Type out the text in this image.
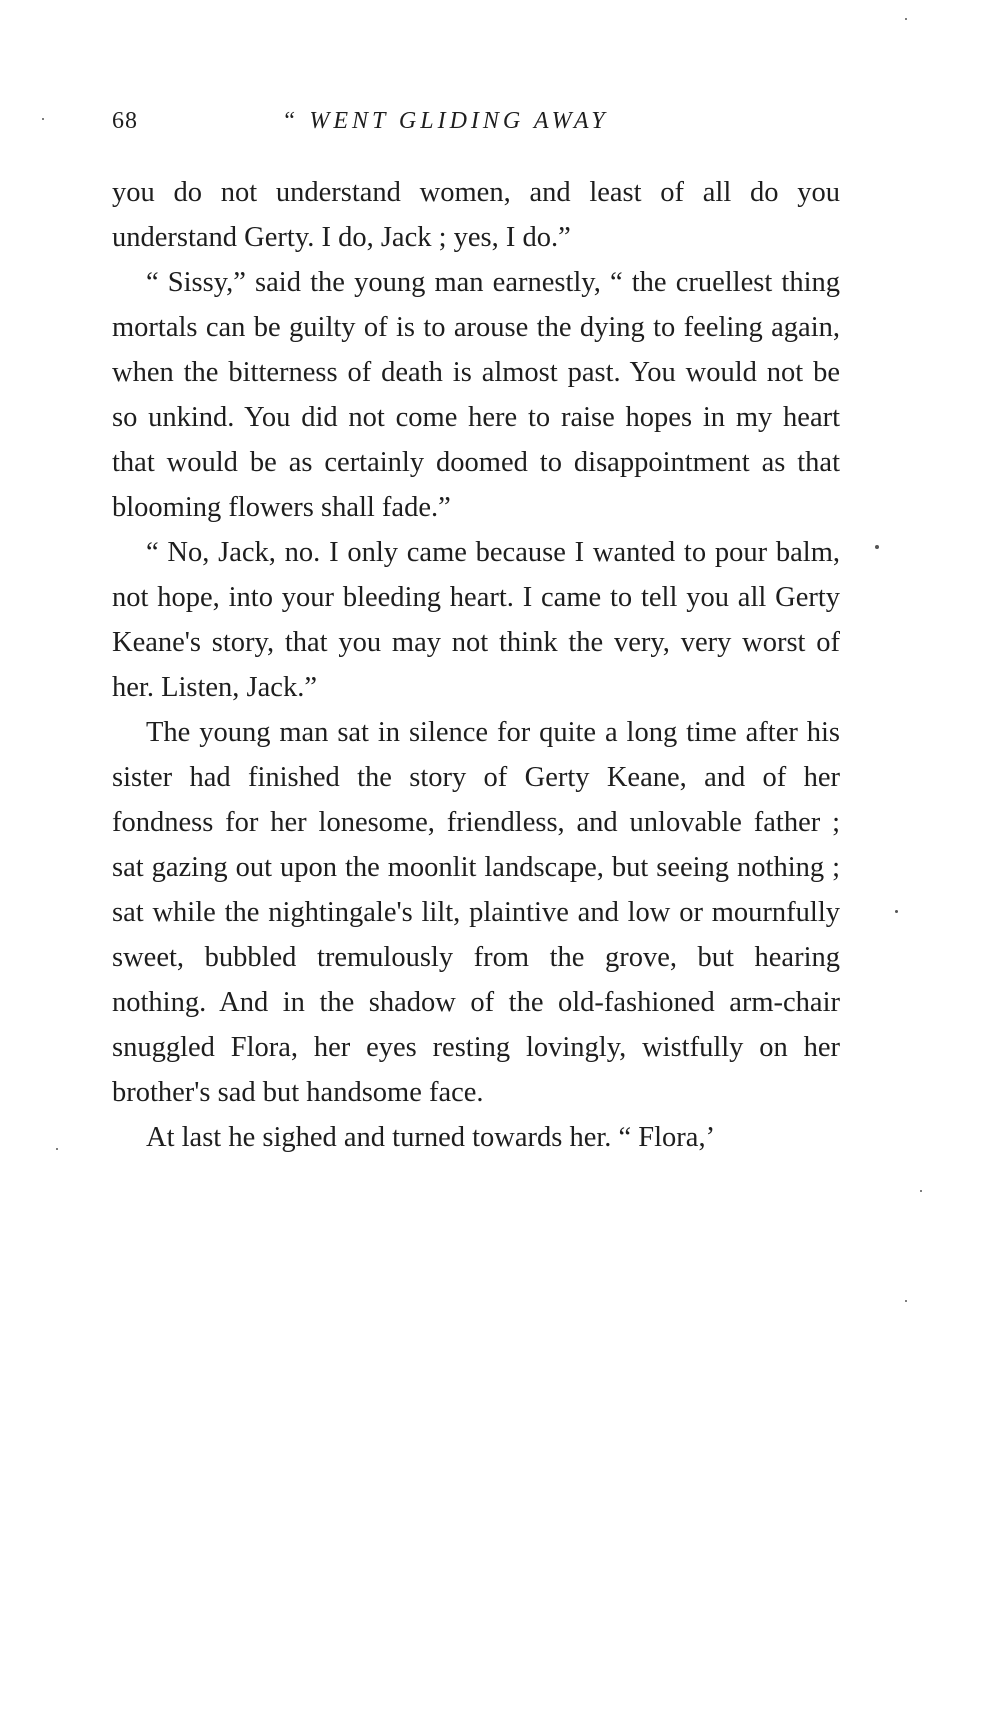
68	“ WENT GLIDING AWAY

you do not understand women, and least of all do you understand Gerty. I do, Jack ; yes, I do.”

“ Sissy,” said the young man earnestly, “ the cruellest thing mortals can be guilty of is to arouse the dying to feeling again, when the bitterness of death is almost past. You would not be so unkind. You did not come here to raise hopes in my heart that would be as certainly doomed to disappointment as that blooming flowers shall fade.”

“ No, Jack, no. I only came because I wanted to pour balm, not hope, into your bleeding heart. I came to tell you all Gerty Keane's story, that you may not think the very, very worst of her. Listen, Jack.”

The young man sat in silence for quite a long time after his sister had finished the story of Gerty Keane, and of her fondness for her lonesome, friendless, and unlovable father ; sat gazing out upon the moonlit landscape, but seeing nothing ; sat while the nightingale's lilt, plaintive and low or mournfully sweet, bubbled tremulously from the grove, but hearing nothing. And in the shadow of the old-fashioned arm-chair snuggled Flora, her eyes resting lovingly, wistfully on her brother's sad but handsome face.

At last he sighed and turned towards her. “ Flora,’
